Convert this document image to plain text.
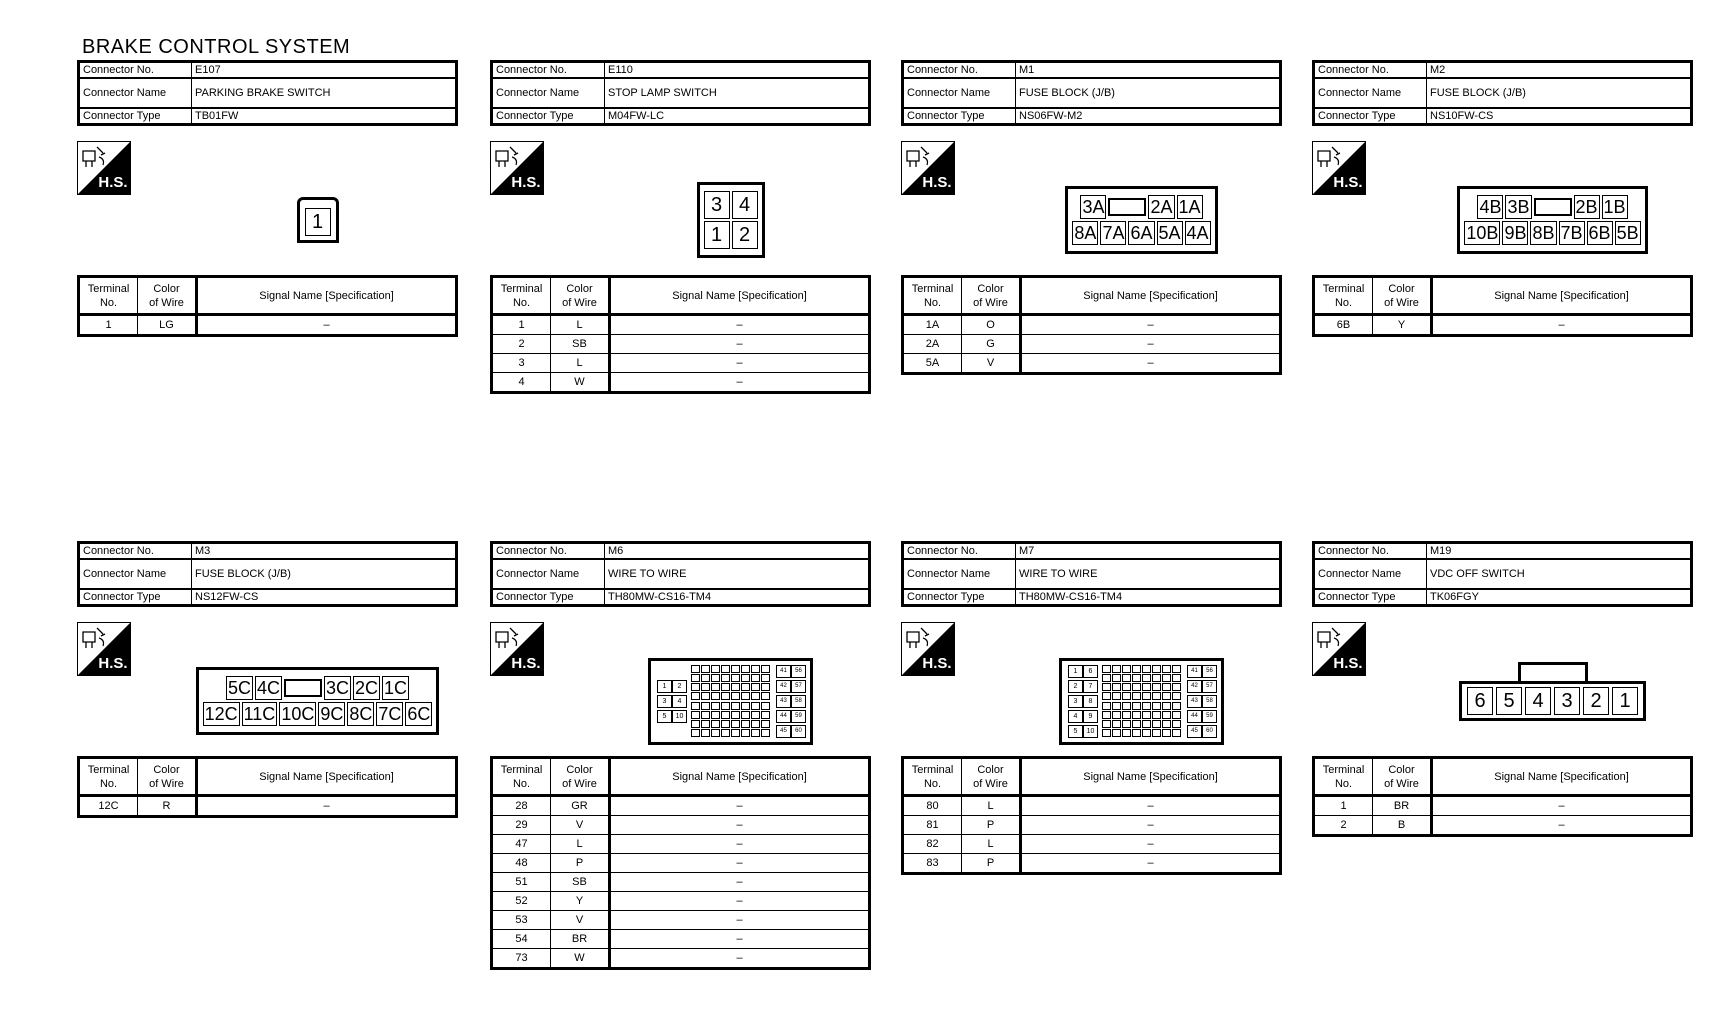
BRAKE CONTROL SYSTEM
Connector No.	E107
Connector Name	PARKING BRAKE SWITCH
Connector Type	TB01FW
H.S.
1
Terminal
No.	Color
of Wire	Signal Name [Specification]
1	LG	–
Connector No.	E110
Connector Name	STOP LAMP SWITCH
Connector Type	M04FW-LC
H.S.
3 4
1 2
Terminal
No.	Color
of Wire	Signal Name [Specification]
1	L	–
2	SB	–
3	L	–
4	W	–
Connector No.	M1
Connector Name	FUSE BLOCK (J/B)
Connector Type	NS06FW-M2
H.S.
3A	2A 1A
8A 7A 6A 5A 4A
Terminal
No.	Color
of Wire	Signal Name [Specification]
1A	O	–
2A	G	–
5A	V	–
Connector No.	M2
Connector Name	FUSE BLOCK (J/B)
Connector Type	NS10FW-CS
H.S.
4B 3B	2B 1B
10B 9B 8B 7B 6B 5B
Terminal
No.	Color
of Wire	Signal Name [Specification]
6B	Y	–
Connector No.	M3
Connector Name	FUSE BLOCK (J/B)
Connector Type	NS12FW-CS
H.S.
5C 4C	3C 2C 1C
12C 11C 10C 9C 8C 7C 6C
Terminal
No.	Color
of Wire	Signal Name [Specification]
12C	R	–
Connector No.	M6
Connector Name	WIRE TO WIRE
Connector Type	TH80MW-CS16-TM4
H.S.
1	2
3	4
5	10
41	56
42	57
43	58
44	59
45	60
Terminal
No.	Color
of Wire	Signal Name [Specification]
28	GR	–
29	V	–
47	L	–
48	P	–
51	SB	–
52	Y	–
53	V	–
54	BR	–
73	W	–
Connector No.	M7
Connector Name	WIRE TO WIRE
Connector Type	TH80MW-CS16-TM4
H.S.	1	6
2	7
3	8
4	9
5	10
41	56
42	57
43	58
44	59
45	60
Terminal
No.	Color
of Wire	Signal Name [Specification]
80	L	–
81	P	–
82	L	–
83	P	–
Connector No.	M19
Connector Name	VDC OFF SWITCH
Connector Type	TK06FGY
H.S.
6 5 4 3 2 1
Terminal
No.	Color
of Wire	Signal Name [Specification]
1	BR	–
2	B	–
